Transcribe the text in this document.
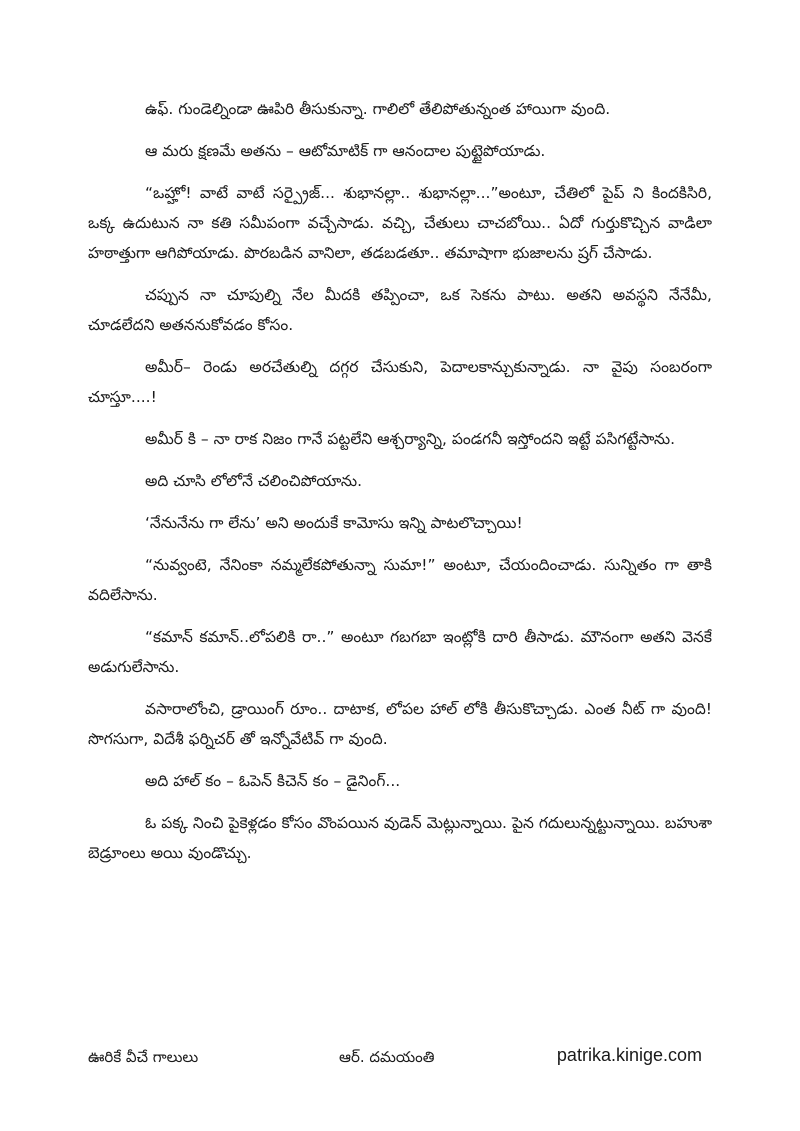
ఉఫ్. గుండెల్నిండా ఊపిరి తీసుకున్నా. గాలిలో తేలిపోతున్నంత హాయిగా వుంది.

ఆ మరు క్షణమే అతను – ఆటోమాటిక్ గా ఆనందాల పుట్టైపోయాడు.

“ఒహ్హో! వాటే వాటే సర్ప్రైజ్... శుభానల్లా.. శుభానల్లా...”అంటూ, చేతిలో పైప్ ని కిందకిసిరి, ఒక్క ఉదుటున నా కతి సమీపంగా వచ్చేసాడు. వచ్చి, చేతులు చాచబోయి.. ఏదో గుర్తుకొచ్చిన వాడిలా హఠాత్తుగా ఆగిపోయాడు. పొరబడిన వానిలా, తడబడతూ.. తమాషాగా భుజాలను ష్రగ్ చేసాడు.

చప్పున నా చూపుల్ని నేల మీదకి తప్పించా, ఒక సెకను పాటు. అతని అవస్థని నేనేమీ, చూడలేదని అతననుకోవడం కోసం.

అమీర్– రెండు అరచేతుల్ని దగ్గర చేసుకుని, పెదాలకాన్చుకున్నాడు. నా వైపు సంబరంగా చూస్తూ....!

అమీర్ కి – నా రాక నిజం గానే పట్టలేని ఆశ్చర్యాన్ని, పండగనీ ఇస్తోందని ఇట్టే పసిగట్టేసాను.

అది చూసి లోలోనే చలించిపోయాను.

‘నేనునేను గా లేను’ అని అందుకే కామోసు ఇన్ని పాటలొచ్చాయి!

“నువ్వంటె, నేనింకా నమ్మలేకపోతున్నా సుమా!” అంటూ, చేయందించాడు. సున్నితం గా తాకి వదిలేసాను.

“కమాన్ కమాన్..లోపలికి రా..” అంటూ గబగబా ఇంట్లోకి దారి తీసాడు. మౌనంగా అతని వెనకే అడుగులేసాను.

వసారాలోంచి, డ్రాయింగ్ రూం.. దాటాక, లోపల హాల్ లోకి తీసుకొచ్చాడు. ఎంత నీట్ గా వుంది! సొగసుగా, విదేశీ ఫర్నిచర్ తో ఇన్నోవేటివ్ గా వుంది.

అది హాల్ కం – ఓపెన్ కిచెన్ కం – డైనింగ్...

ఓ పక్క నించి పైకెళ్లడం కోసం వొంపయిన వుడెన్ మెట్లున్నాయి. పైన గదులున్నట్టున్నాయి. బహుశా బెడ్రూంలు అయి వుండొచ్చు.

ఊరికే వీచే గాలులు	ఆర్. దమయంతి	patrika.kinige.com
